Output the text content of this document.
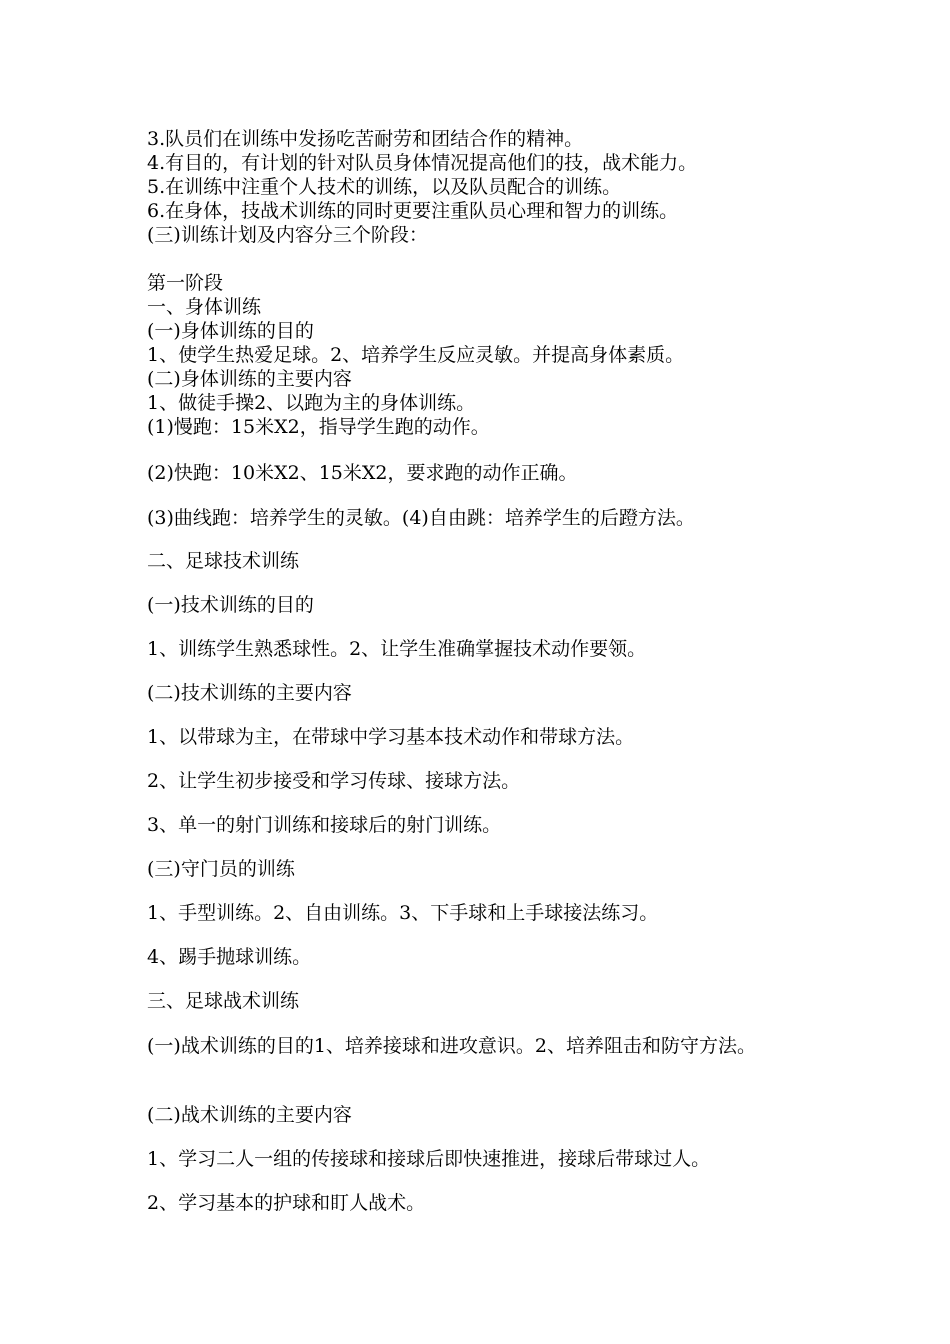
3.队员们在训练中发扬吃苦耐劳和团结合作的精神。
4.有目的，有计划的针对队员身体情况提高他们的技，战术能力。
5.在训练中注重个人技术的训练，以及队员配合的训练。
6.在身体，技战术训练的同时更要注重队员心理和智力的训练。
(三)训练计划及内容分三个阶段：
第一阶段
一、身体训练
(一)身体训练的目的
1、使学生热爱足球。2、培养学生反应灵敏。并提高身体素质。
(二)身体训练的主要内容
1、做徒手操2、以跑为主的身体训练。
(1)慢跑：15米X2，指导学生跑的动作。
(2)快跑：10米X2、15米X2，要求跑的动作正确。
(3)曲线跑：培养学生的灵敏。(4)自由跳：培养学生的后蹬方法。
二、足球技术训练
(一)技术训练的目的
1、训练学生熟悉球性。2、让学生准确掌握技术动作要领。
(二)技术训练的主要内容
1、以带球为主，在带球中学习基本技术动作和带球方法。
2、让学生初步接受和学习传球、接球方法。
3、单一的射门训练和接球后的射门训练。
(三)守门员的训练
1、手型训练。2、自由训练。3、下手球和上手球接法练习。
4、踢手抛球训练。
三、足球战术训练
(一)战术训练的目的1、培养接球和进攻意识。2、培养阻击和防守方法。
(二)战术训练的主要内容
1、学习二人一组的传接球和接球后即快速推进，接球后带球过人。
2、学习基本的护球和盯人战术。
